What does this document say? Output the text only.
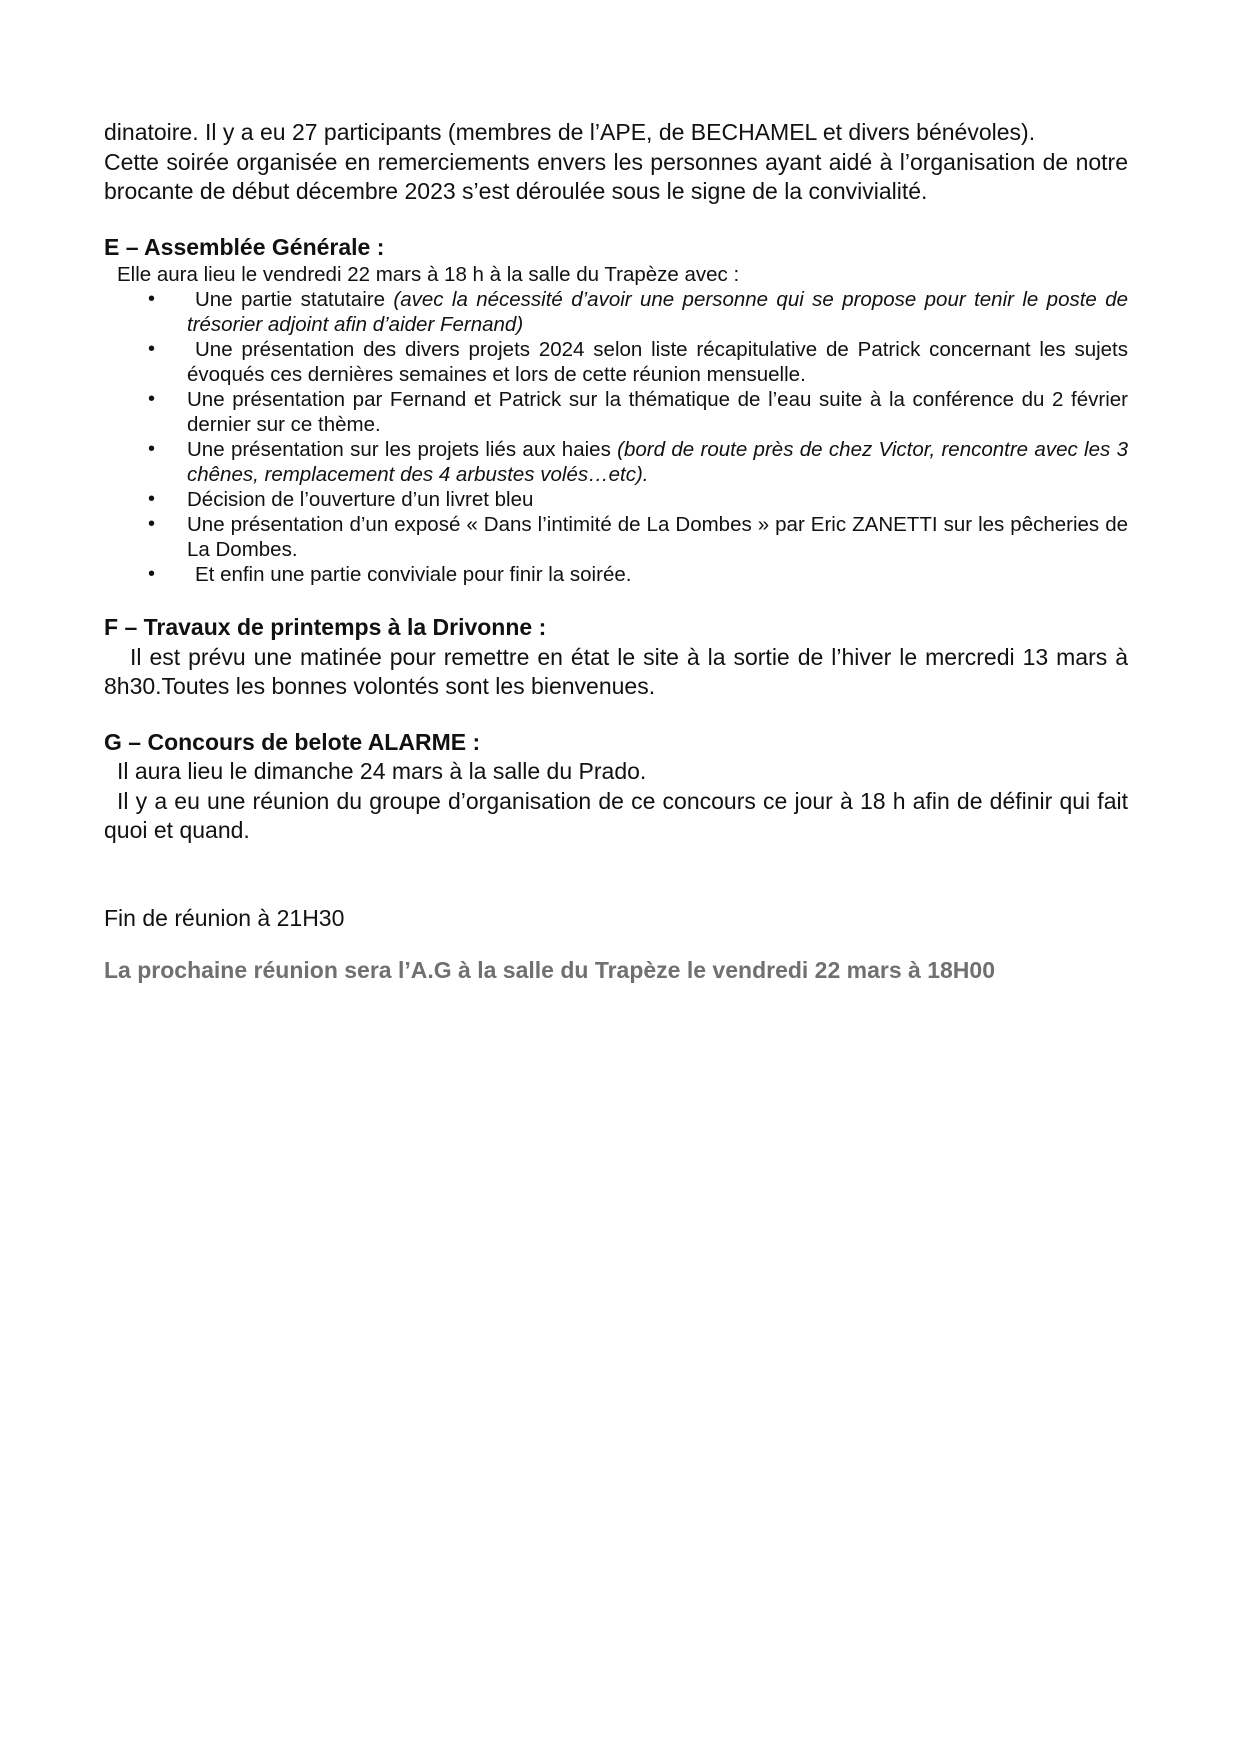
dinatoire. Il y a eu 27 participants (membres de l’APE, de BECHAMEL et divers bénévoles).

Cette soirée organisée en remerciements envers les personnes ayant aidé à l’organisation de notre brocante de début décembre 2023 s’est déroulée sous le signe de la convivialité.

E – Assemblée Générale :

Elle aura lieu le vendredi 22 mars à 18 h à la salle du Trapèze avec :

• Une partie statutaire (avec la nécessité d’avoir une personne qui se propose pour tenir le poste de trésorier adjoint afin d’aider Fernand)
• Une présentation des divers projets 2024 selon liste récapitulative de Patrick concernant les sujets évoqués ces dernières semaines et lors de cette réunion mensuelle.
• Une présentation par Fernand et Patrick sur la thématique de l’eau suite à la conférence du 2 février dernier sur ce thème.
• Une présentation sur les projets liés aux haies (bord de route près de chez Victor, rencontre avec les 3 chênes, remplacement des 4 arbustes volés…etc).
• Décision de l’ouverture d’un livret bleu
• Une présentation d’un exposé « Dans l’intimité de La Dombes » par Eric ZANETTI sur les pêcheries de La Dombes.
• Et enfin une partie conviviale pour finir la soirée.

F – Travaux de printemps à la Drivonne :

Il est prévu une matinée pour remettre en état le site à la sortie de l’hiver le mercredi 13 mars à 8h30.Toutes les bonnes volontés sont les bienvenues.

G – Concours de belote ALARME :

Il aura lieu le dimanche 24 mars à la salle du Prado.

Il y a eu une réunion du groupe d’organisation de ce concours ce jour à 18 h afin de définir qui fait quoi et quand.

Fin de réunion à 21H30

La prochaine réunion sera l’A.G à la salle du Trapèze le vendredi 22 mars à 18H00
